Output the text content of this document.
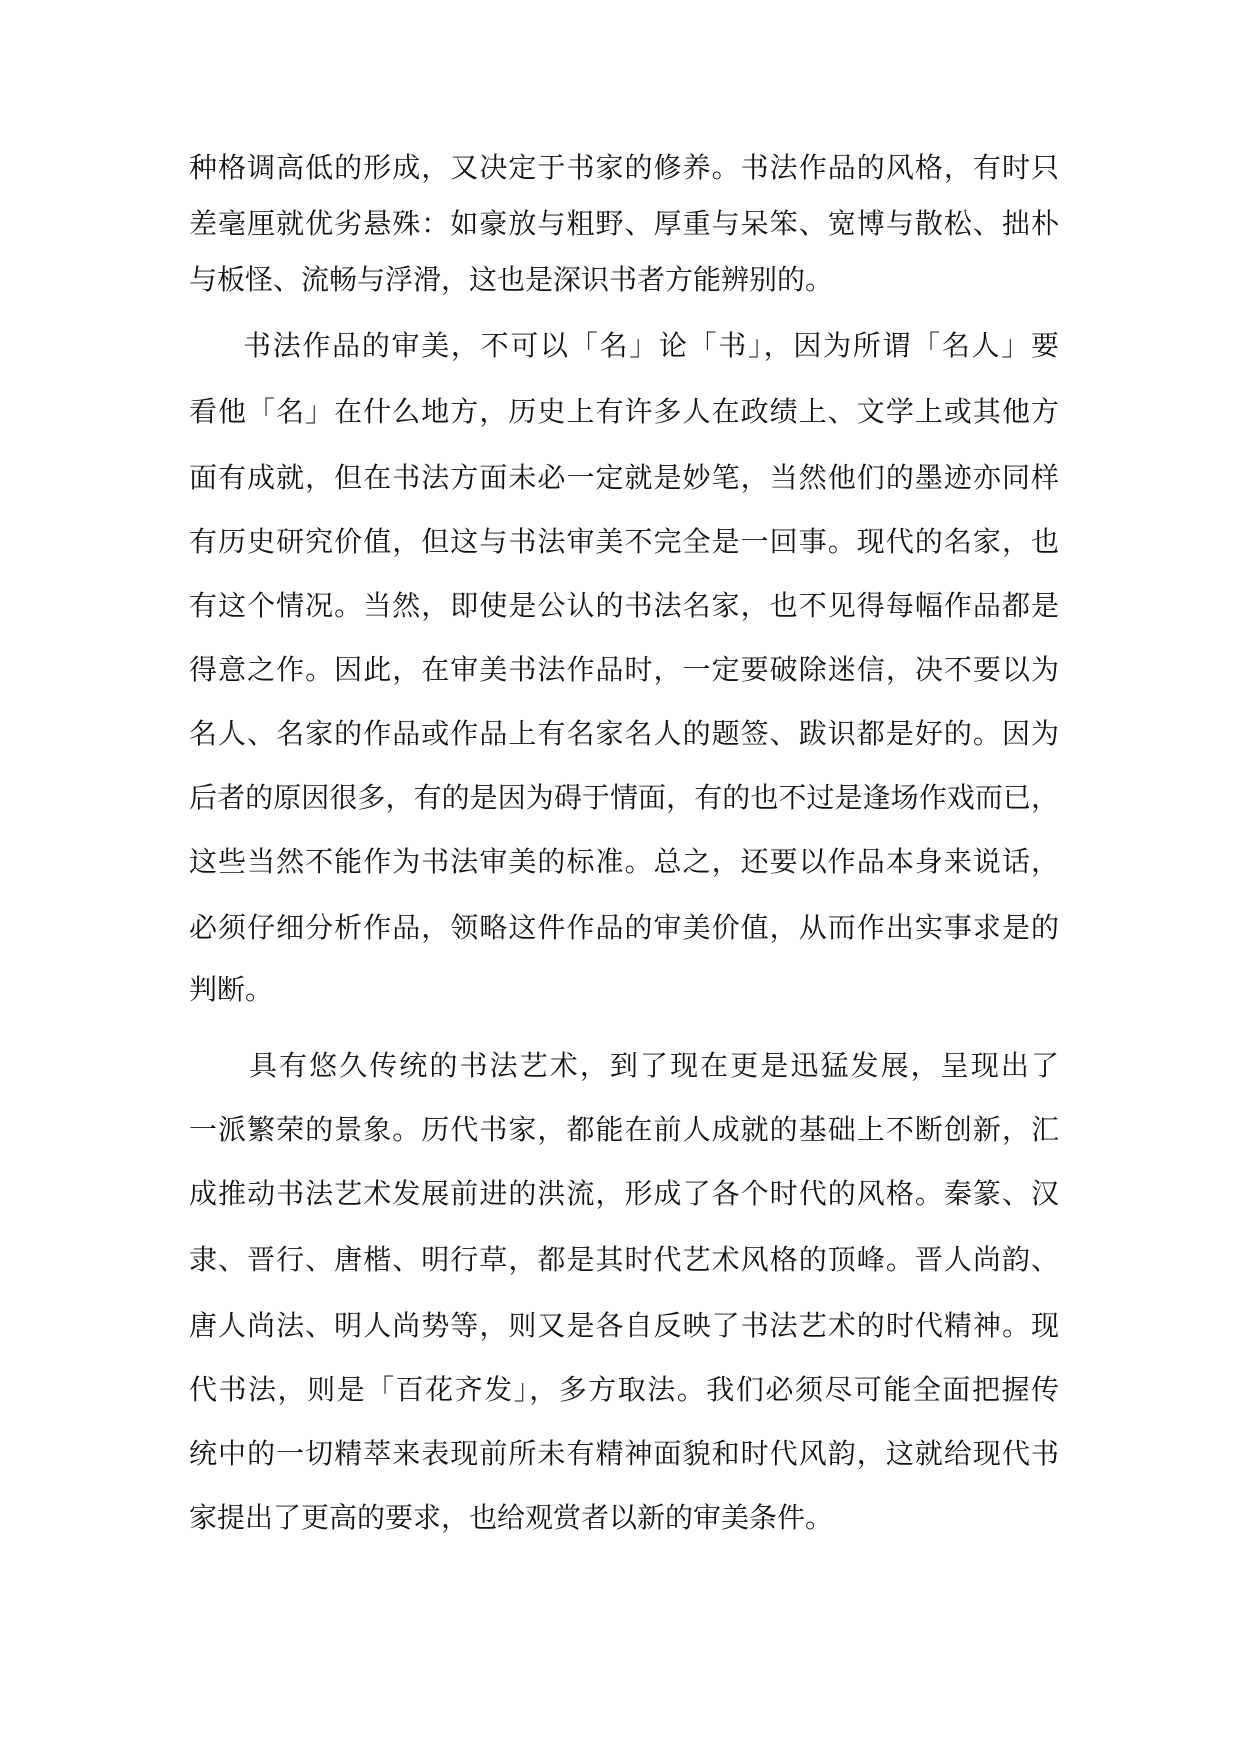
种格调高低的形成，又决定于书家的修养。书法作品的风格，有时只
差毫厘就优劣悬殊：如豪放与粗野、厚重与呆笨、宽博与散松、拙朴
与板怪、流畅与浮滑，这也是深识书者方能辨别的。
书法作品的审美，不可以「名」论「书」，因为所谓「名人」要
看他「名」在什么地方，历史上有许多人在政绩上、文学上或其他方
面有成就，但在书法方面未必一定就是妙笔，当然他们的墨迹亦同样
有历史研究价值，但这与书法审美不完全是一回事。现代的名家，也
有这个情况。当然，即使是公认的书法名家，也不见得每幅作品都是
得意之作。因此，在审美书法作品时，一定要破除迷信，决不要以为
名人、名家的作品或作品上有名家名人的题签、跋识都是好的。因为
后者的原因很多，有的是因为碍于情面，有的也不过是逢场作戏而已，
这些当然不能作为书法审美的标准。总之，还要以作品本身来说话，
必须仔细分析作品，领略这件作品的审美价值，从而作出实事求是的
判断。
具有悠久传统的书法艺术，到了现在更是迅猛发展，呈现出了
一派繁荣的景象。历代书家，都能在前人成就的基础上不断创新，汇
成推动书法艺术发展前进的洪流，形成了各个时代的风格。秦篆、汉
隶、晋行、唐楷、明行草，都是其时代艺术风格的顶峰。晋人尚韵、
唐人尚法、明人尚势等，则又是各自反映了书法艺术的时代精神。现
代书法，则是「百花齐发」，多方取法。我们必须尽可能全面把握传
统中的一切精萃来表现前所未有精神面貌和时代风韵，这就给现代书
家提出了更高的要求，也给观赏者以新的审美条件。
